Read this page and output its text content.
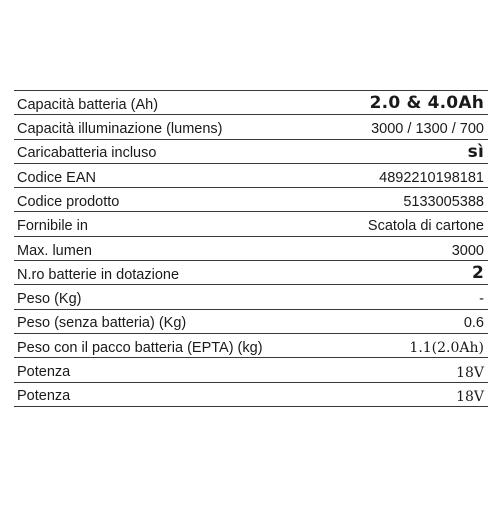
Capacità batteria (Ah)	2.0 & 4.0Ah
Capacità illuminazione (lumens)	3000 / 1300 / 700
Caricabatteria incluso	sì
Codice EAN	4892210198181
Codice prodotto	5133005388
Fornibile in	Scatola di cartone
Max. lumen	3000
N.ro batterie in dotazione	2
Peso (Kg)	-
Peso (senza batteria) (Kg)	0.6
Peso con il pacco batteria (EPTA) (kg)	1.1(2.0Ah)
Potenza	18V
Potenza	18V
